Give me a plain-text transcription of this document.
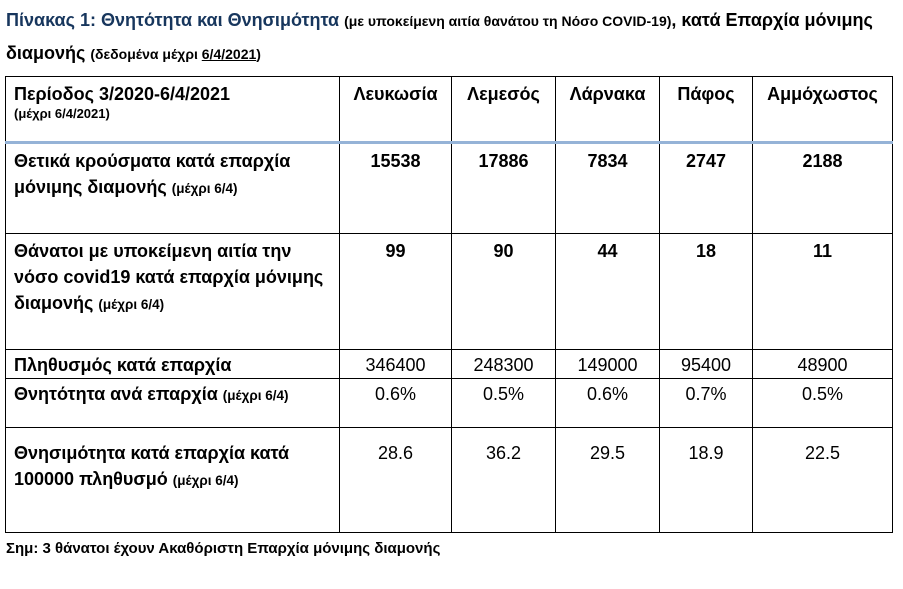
Πίνακας 1: Θνητότητα και Θνησιμότητα (με υποκείμενη αιτία θανάτου τη Νόσο COVID-19), κατά Επαρχία μόνιμης διαμονής (δεδομένα μέχρι 6/4/2021)
Περίοδος 3/2020-6/4/2021
(μέχρι 6/4/2021)	Λευκωσία	Λεμεσός	Λάρνακα	Πάφος	Αμμόχωστος
Θετικά κρούσματα κατά επαρχία μόνιμης διαμονής (μέχρι 6/4)	15538	17886	7834	2747	2188
Θάνατοι με υποκείμενη αιτία την νόσο covid19 κατά επαρχία μόνιμης διαμονής (μέχρι 6/4)	99	90	44	18	11
Πληθυσμός κατά επαρχία	346400	248300	149000	95400	48900
Θνητότητα ανά επαρχία (μέχρι 6/4)	0.6%	0.5%	0.6%	0.7%	0.5%
Θνησιμότητα κατά επαρχία κατά 100000 πληθυσμό (μέχρι 6/4)	28.6	36.2	29.5	18.9	22.5
Σημ: 3 θάνατοι έχουν Ακαθόριστη Επαρχία μόνιμης διαμονής
